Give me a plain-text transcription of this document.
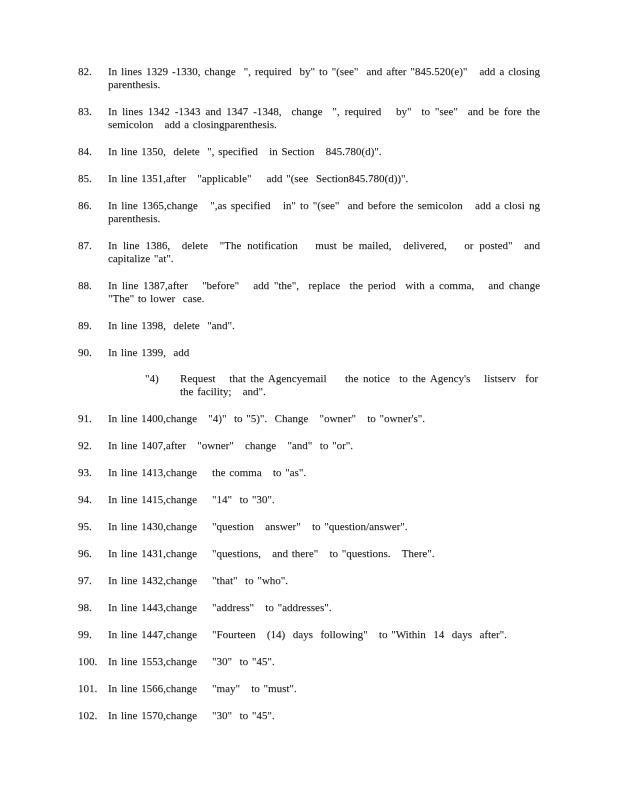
82.	In lines 1329 -1330, change  ", required  by" to "(see"  and after "845.520(e)"   add a closing parenthesis.

83.	In lines 1342 -1343 and 1347 -1348,  change  ", required   by"  to "see"  and be fore the semicolon   add a closingparenthesis.

84.	In line 1350,  delete  ", specified   in Section   845.780(d)".

85.	In line 1351,after   "applicable"    add "(see  Section845.780(d))".

86.	In line 1365,change   ",as specified   in" to "(see"  and before the semicolon   add a closi ng parenthesis.

87.	In line 1386,  delete  "The notification   must be mailed,  delivered,   or posted"  and capitalize "at".

88.	In line 1387,after   "before"   add "the",  replace  the period  with a comma,   and change  "The" to lower  case.

89.	In line 1398,  delete  "and".

90.	In line 1399,  add

"4)	Request   that the Agencyemail    the notice  to the Agency's   listserv  for the facility;   and".

91.	In line 1400,change   "4)"  to "5)".  Change   "owner"   to "owner's".

92.	In line 1407,after   "owner"   change   "and"  to "or".

93.	In line 1413,change    the comma   to "as".

94.	In line 1415,change    "14"  to "30".

95.	In line 1430,change    "question   answer"   to "question/answer".

96.	In line 1431,change    "questions,   and there"   to "questions.   There".

97.	In line 1432,change    "that"  to "who".

98.	In line 1443,change    "address"   to "addresses".

99.	In line 1447,change    "Fourteen   (14)  days  following"   to "Within  14  days  after".

100. In line 1553,change    "30"  to "45".

101. In line 1566,change    "may"   to "must".

102. In line 1570,change    "30"  to "45".
